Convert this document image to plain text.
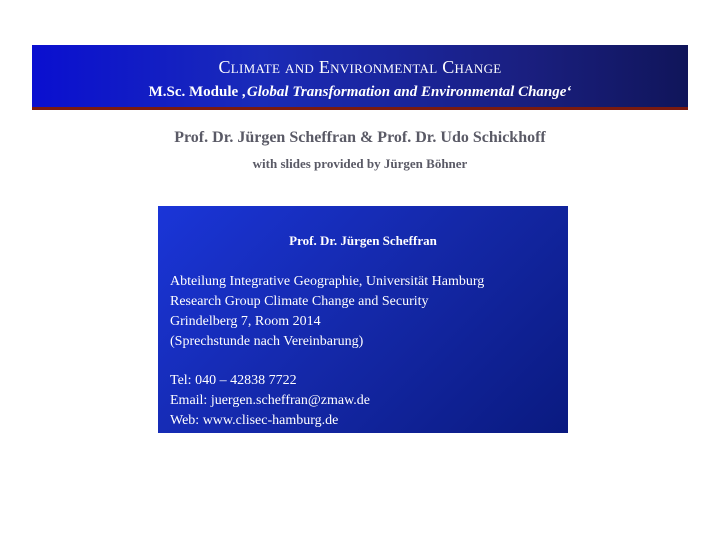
Climate and Environmental Change
M.Sc. Module ‚Global Transformation and Environmental Change‘
Prof. Dr. Jürgen Scheffran & Prof. Dr. Udo Schickhoff
with slides provided by Jürgen Böhner
Prof. Dr. Jürgen Scheffran
Abteilung Integrative Geographie, Universität Hamburg
Research Group Climate Change and Security
Grindelberg 7, Room 2014
(Sprechstunde nach Vereinbarung)
Tel: 040 – 42838 7722
Email: juergen.scheffran@zmaw.de
Web: www.clisec-hamburg.de
